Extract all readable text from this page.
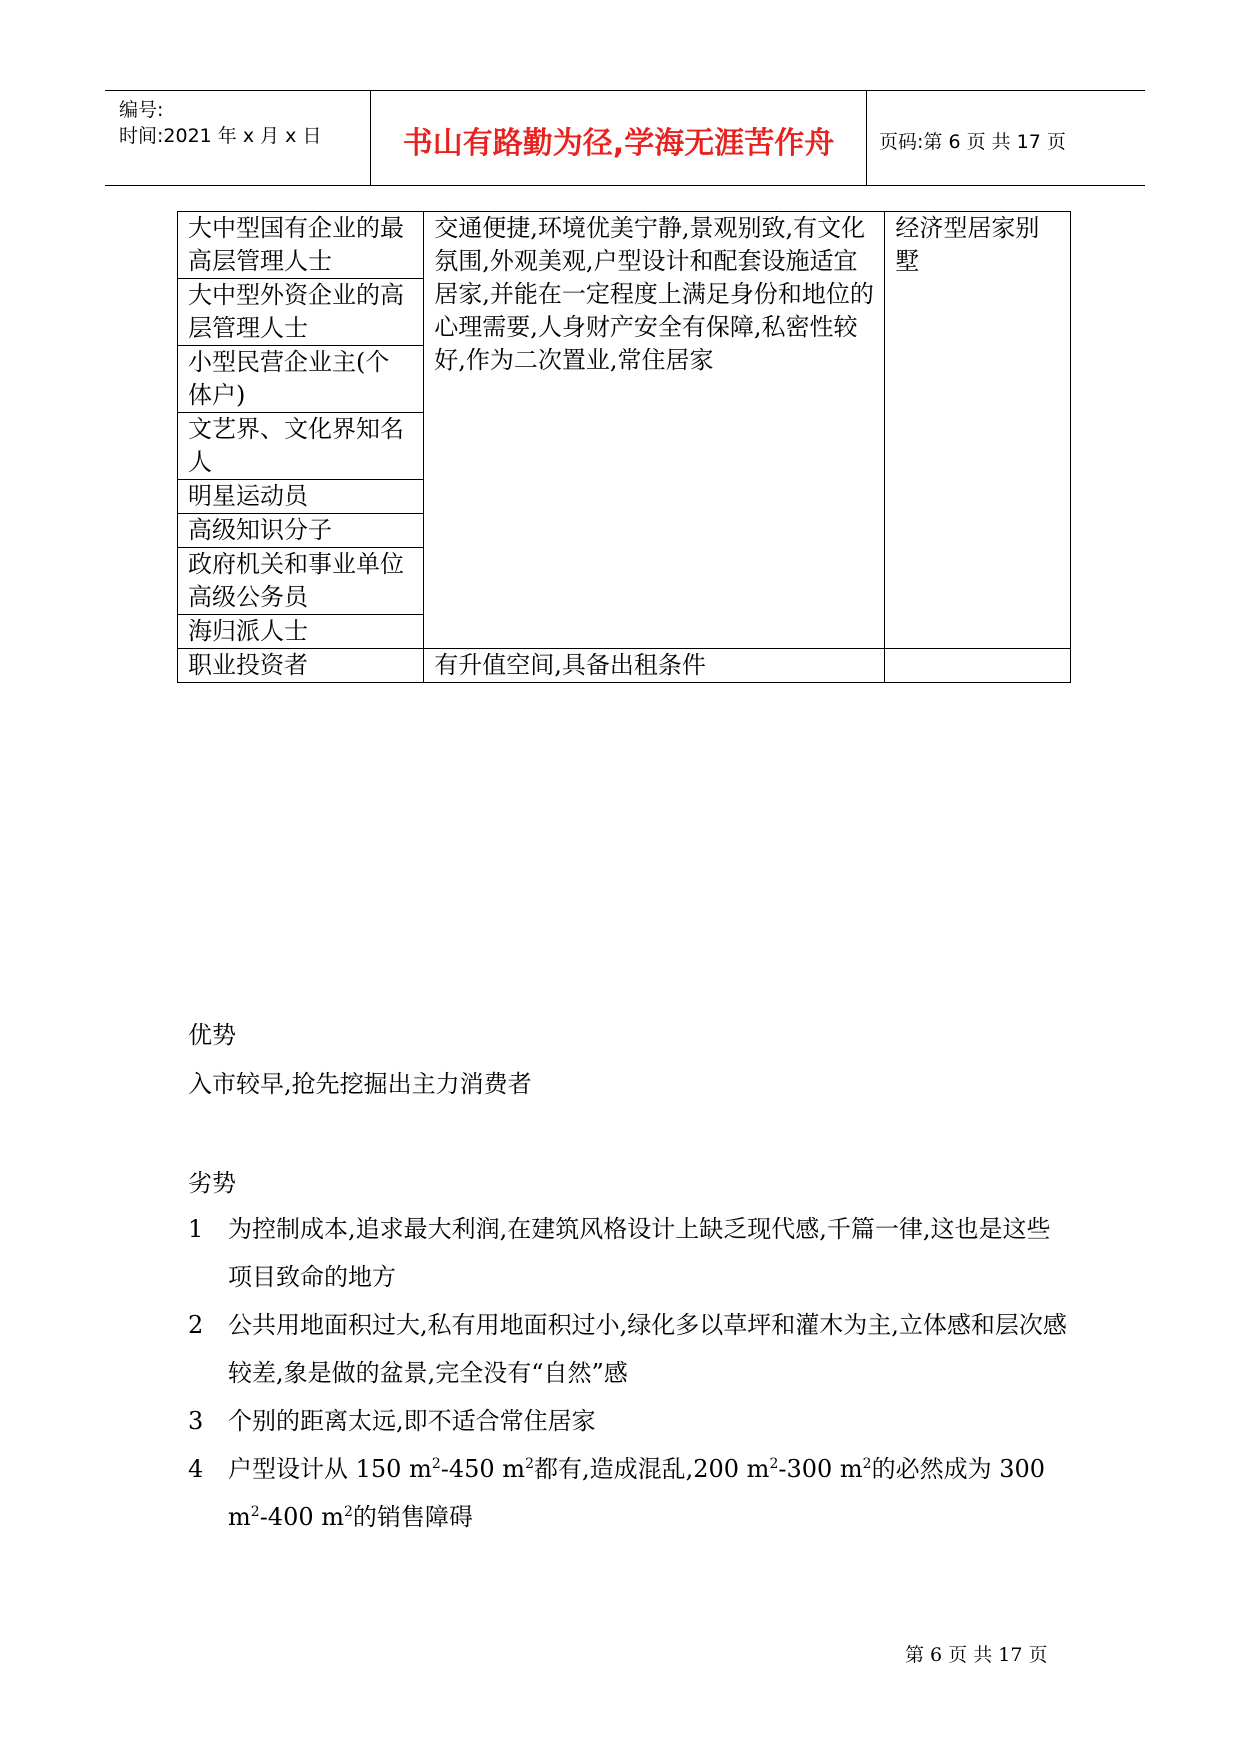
编号:
时间:2021 年 x 月 x 日	书山有路勤为径,学海无涯苦作舟	页码:第 6 页 共 17 页
大中型国有企业的最高层管理人士	交通便捷,环境优美宁静,景观别致,有文化氛围,外观美观,户型设计和配套设施适宜居家,并能在一定程度上满足身份和地位的心理需要,人身财产安全有保障,私密性较好,作为二次置业,常住居家	经济型居家别墅
大中型外资企业的高层管理人士		
小型民营企业主(个体户)		
文艺界、文化界知名人		
明星运动员		
高级知识分子		
政府机关和事业单位高级公务员		
海归派人士		
职业投资者	有升值空间,具备出租条件	
优势
入市较早,抢先挖掘出主力消费者
劣势
1	为控制成本,追求最大利润,在建筑风格设计上缺乏现代感,千篇一律,这也是这些项目致命的地方
2	公共用地面积过大,私有用地面积过小,绿化多以草坪和灌木为主,立体感和层次感较差,象是做的盆景,完全没有“自然”感
3	个别的距离太远,即不适合常住居家
4	户型设计从 150 $m^2-450$ $m^2$都有,造成混乱,200 $m^2-300$ $m^2$的必然成为 300 $m^2-400$ $m^2$的销售障碍
第 6 页 共 17 页
